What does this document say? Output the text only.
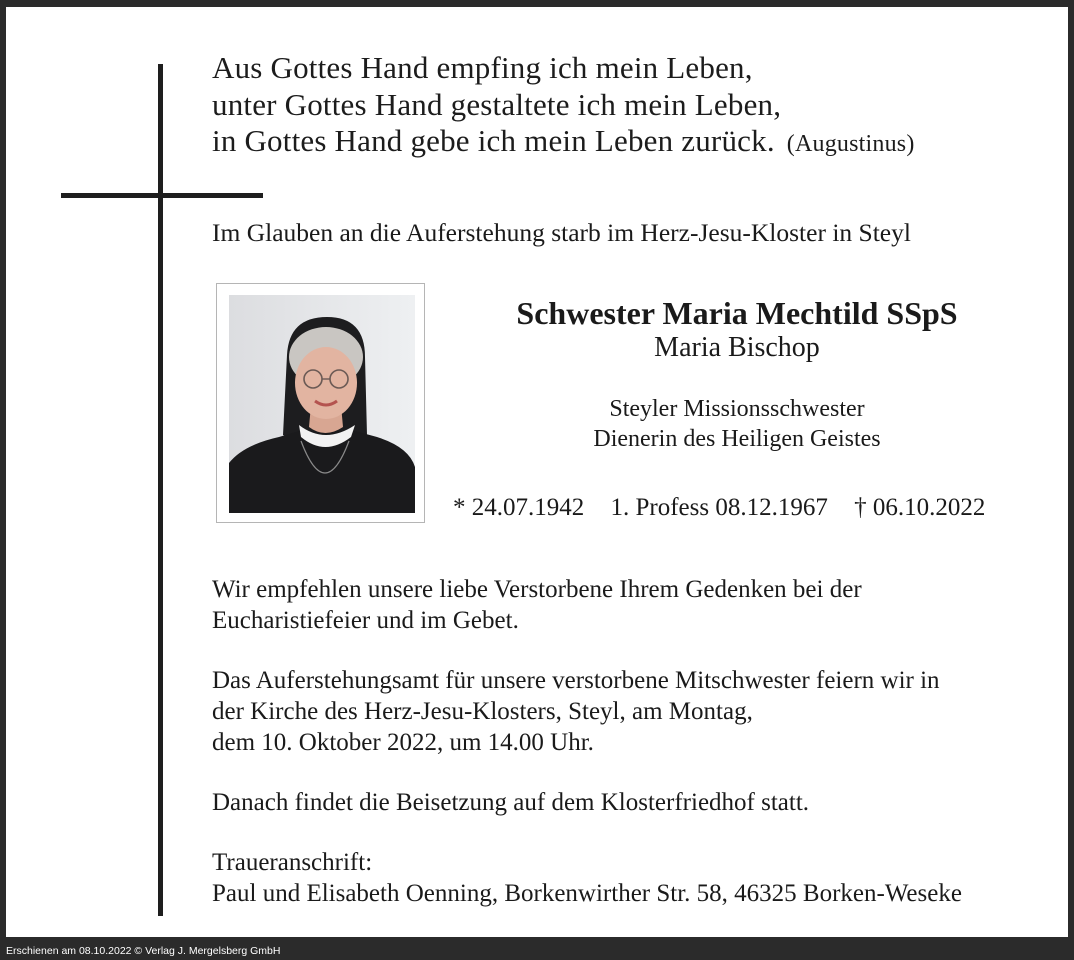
Aus Gottes Hand empfing ich mein Leben,
unter Gottes Hand gestaltete ich mein Leben,
in Gottes Hand gebe ich mein Leben zurück. (Augustinus)
Im Glauben an die Auferstehung starb im Herz-Jesu-Kloster in Steyl
Schwester Maria Mechtild SSpS
Maria Bischop
Steyler Missionsschwester
Dienerin des Heiligen Geistes
* 24.07.1942 1. Profess 08.12.1967 † 06.10.2022
Wir empfehlen unsere liebe Verstorbene Ihrem Gedenken bei der
Eucharistiefeier und im Gebet.
Das Auferstehungsamt für unsere verstorbene Mitschwester feiern wir in
der Kirche des Herz-Jesu-Klosters, Steyl, am Montag,
dem 10. Oktober 2022, um 14.00 Uhr.
Danach findet die Beisetzung auf dem Klosterfriedhof statt.
Traueranschrift:
Paul und Elisabeth Oenning, Borkenwirther Str. 58, 46325 Borken-Weseke
Erschienen am 08.10.2022 © Verlag J. Mergelsberg GmbH
